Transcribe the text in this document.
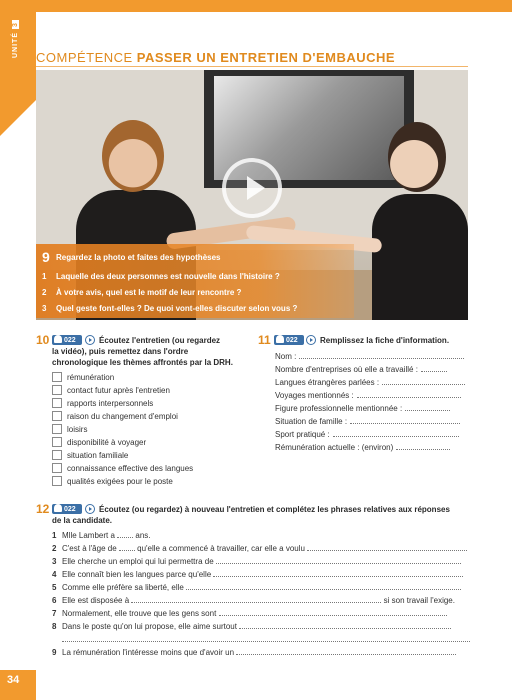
UNITÉ3
COMPÉTENCE PASSER UN ENTRETIEN D'EMBAUCHE
9 Regardez la photo et faites des hypothèses
1 Laquelle des deux personnes est nouvelle dans l'histoire ?
2 À votre avis, quel est le motif de leur rencontre ?
3 Quel geste font-elles ? De quoi vont-elles discuter selon vous ?
10	022	Écoutez l'entretien (ou regardez
la vidéo), puis remettez dans l'ordre
chronologique les thèmes affrontés par la DRH.
rémunération
contact futur après l'entretien
rapports interpersonnels
raison du changement d'emploi
loisirs
disponibilité à voyager
situation familiale
connaissance effective des langues
qualités exigées pour le poste
11	022	Remplissez la fiche d'information.
Nom :
Nombre d'entreprises où elle a travaillé :
Langues étrangères parlées :
Voyages mentionnés :
Figure professionnelle mentionnée :
Situation de famille :
Sport pratiqué :
Rémunération actuelle : (environ)
12	022	Écoutez (ou regardez) à nouveau l'entretien et complétez les phrases relatives aux réponses
de la candidate.
1 Mlle Lambert a	ans.
2 C'est à l'âge de	qu'elle a commencé à travailler, car elle a voulu
3 Elle cherche un emploi qui lui permettra de
4 Elle connaît bien les langues parce qu'elle
5 Comme elle préfère sa liberté, elle
6 Elle est disposée à	si son travail l'exige.
7 Normalement, elle trouve que les gens sont
8 Dans le poste qu'on lui propose, elle aime surtout
9 La rémunération l'intéresse moins que d'avoir un
34
